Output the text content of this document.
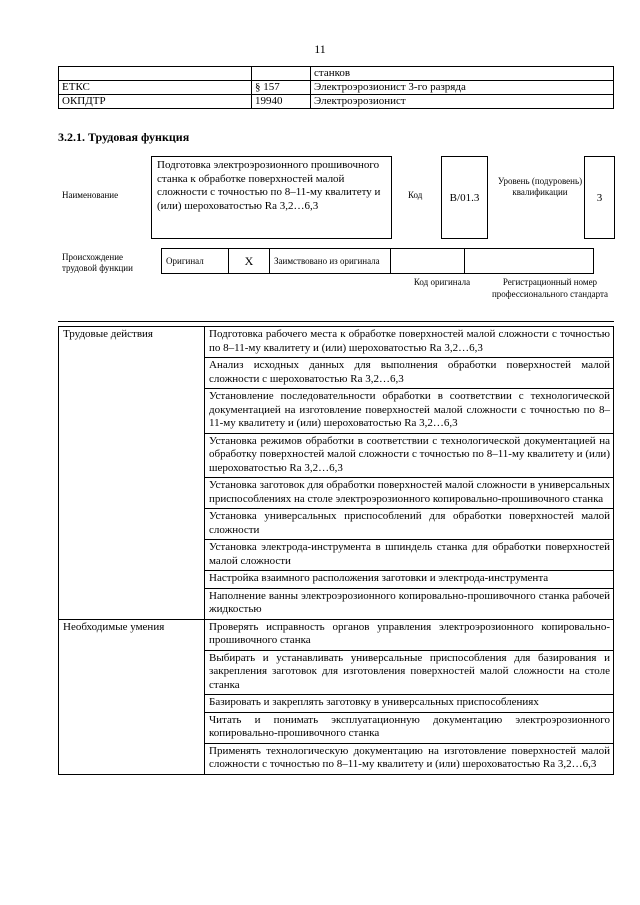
11
		станков
ЕТКС	§ 157	Электроэрозионист 3-го разряда
ОКПДТР	19940	Электроэрозионист
3.2.1. Трудовая функция
Наименование
Подготовка электроэрозионного прошивочного станка к обработке поверхностей малой сложности с точностью по 8–11-му квалитету и (или) шероховатостью Ra 3,2…6,3
Код B/01.3
Уровень (подуровень) квалификации	3
Происхождение трудовой функции
Оригинал	X	Заимствовано из оригинала		
Код оригинала	Регистрационный номер профессионального стандарта
Трудовые действия	Подготовка рабочего места к обработке поверхностей малой сложности с точностью по 8–11-му квалитету и (или) шероховатостью Ra 3,2…6,3
	Анализ исходных данных для выполнения обработки поверхностей малой сложности с шероховатостью Ra 3,2…6,3
	Установление последовательности обработки в соответствии с технологической документацией на изготовление поверхностей малой сложности с точностью по 8–11-му квалитету и (или) шероховатостью Ra 3,2…6,3
	Установка режимов обработки в соответствии с технологической документацией на обработку поверхностей малой сложности с точностью по 8–11-му квалитету и (или) шероховатостью Ra 3,2…6,3
	Установка заготовок для обработки поверхностей малой сложности в универсальных приспособлениях на столе электроэрозионного копировально-прошивочного станка
	Установка универсальных приспособлений для обработки поверхностей малой сложности
	Установка электрода-инструмента в шпиндель станка для обработки поверхностей малой сложности
	Настройка взаимного расположения заготовки и электрода-инструмента
	Наполнение ванны электроэрозионного копировально-прошивочного станка рабочей жидкостью
Необходимые умения	Проверять исправность органов управления электроэрозионного копировально-прошивочного станка
	Выбирать и устанавливать универсальные приспособления для базирования и закрепления заготовок для изготовления поверхностей малой сложности на столе станка
	Базировать и закреплять заготовку в универсальных приспособлениях
	Читать и понимать эксплуатационную документацию электроэрозионного копировально-прошивочного станка
	Применять технологическую документацию на изготовление поверхностей малой сложности с точностью по 8–11-му квалитету и (или) шероховатостью Ra 3,2…6,3
